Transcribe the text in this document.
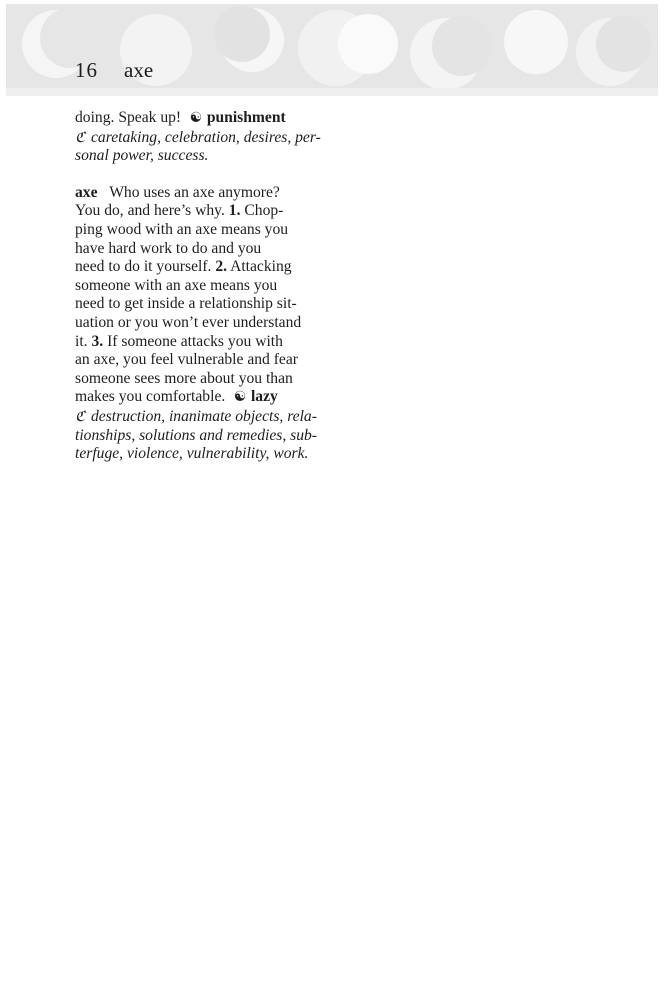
16 axe
doing. Speak up! ☯ punishment
ℭ caretaking, celebration, desires, per-
sonal power, success.
axe Who uses an axe anymore?
You do, and here’s why. 1. Chop-
ping wood with an axe means you
have hard work to do and you
need to do it yourself. 2. Attacking
someone with an axe means you
need to get inside a relationship sit-
uation or you won’t ever understand
it. 3. If someone attacks you with
an axe, you feel vulnerable and fear
someone sees more about you than
makes you comfortable. ☯ lazy
ℭ destruction, inanimate objects, rela-
tionships, solutions and remedies, sub-
terfuge, violence, vulnerability, work.
